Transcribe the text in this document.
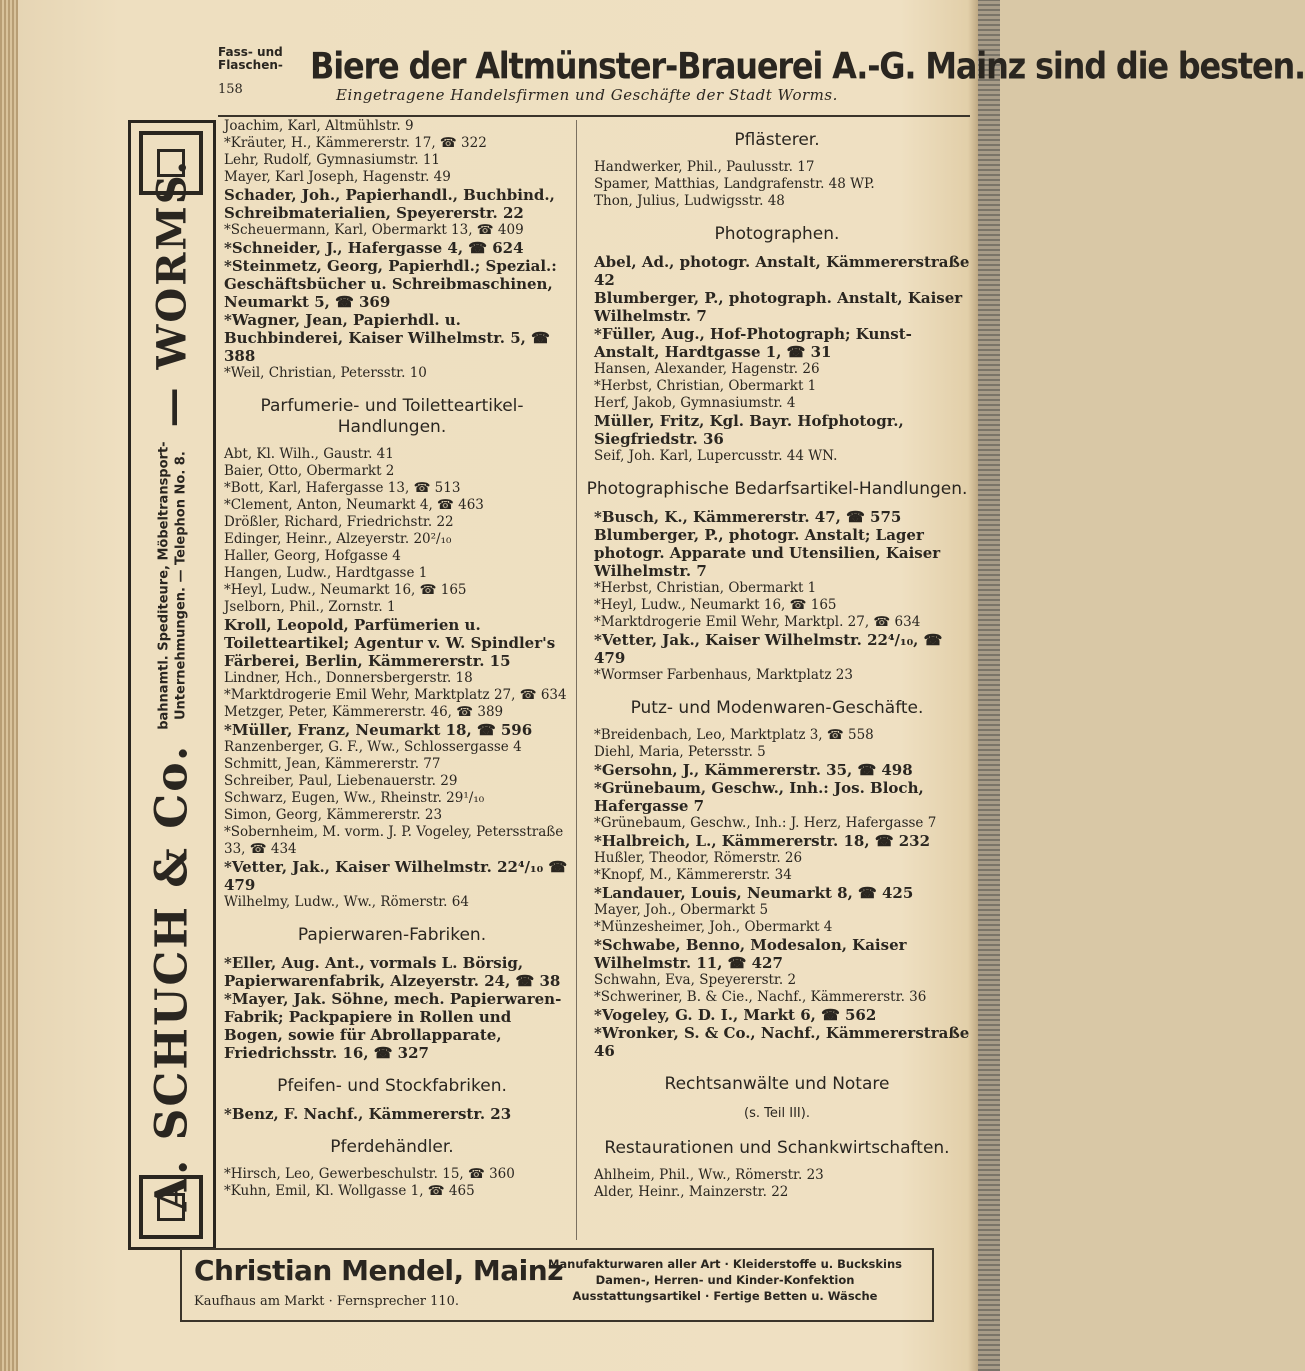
Fass- und
Flaschen- Biere der Altmünster-Brauerei A.-G. Mainz sind die besten.
158	Eingetragene Handelsfirmen und Geschäfte der Stadt Worms.
A. SCHUCH & Co.
bahnamtl. Spediteure, Möbeltransport- Unternehmungen. — Telephon No. 8.
— WORMS.
Joachim, Karl, Altmühlstr. 9
*Kräuter, H., Kämmererstr. 17, ☎ 322
Lehr, Rudolf, Gymnasiumstr. 11
Mayer, Karl Joseph, Hagenstr. 49
Schader, Joh., Papierhandl., Buchbind., Schreibmaterialien, Speyererstr. 22
*Scheuermann, Karl, Obermarkt 13, ☎ 409
*Schneider, J., Hafergasse 4, ☎ 624
*Steinmetz, Georg, Papierhdl.; Spezial.: Geschäftsbücher u. Schreibmaschinen, Neumarkt 5, ☎ 369
*Wagner, Jean, Papierhdl. u. Buchbinderei, Kaiser Wilhelmstr. 5, ☎ 388
*Weil, Christian, Petersstr. 10
Parfumerie- und Toiletteartikel-Handlungen.
Abt, Kl. Wilh., Gaustr. 41
Baier, Otto, Obermarkt 2
*Bott, Karl, Hafergasse 13, ☎ 513
*Clement, Anton, Neumarkt 4, ☎ 463
Drößler, Richard, Friedrichstr. 22
Edinger, Heinr., Alzeyerstr. 20²/₁₀
Haller, Georg, Hofgasse 4
Hangen, Ludw., Hardtgasse 1
*Heyl, Ludw., Neumarkt 16, ☎ 165
Jselborn, Phil., Zornstr. 1
Kroll, Leopold, Parfümerien u. Toiletteartikel; Agentur v. W. Spindler's Färberei, Berlin, Kämmererstr. 15
Lindner, Hch., Donnersbergerstr. 18
*Marktdrogerie Emil Wehr, Marktplatz 27, ☎ 634
Metzger, Peter, Kämmererstr. 46, ☎ 389
*Müller, Franz, Neumarkt 18, ☎ 596
Ranzenberger, G. F., Ww., Schlossergasse 4
Schmitt, Jean, Kämmererstr. 77
Schreiber, Paul, Liebenauerstr. 29
Schwarz, Eugen, Ww., Rheinstr. 29¹/₁₀
Simon, Georg, Kämmererstr. 23
*Sobernheim, M. vorm. J. P. Vogeley, Petersstraße 33, ☎ 434
*Vetter, Jak., Kaiser Wilhelmstr. 22⁴/₁₀ ☎ 479
Wilhelmy, Ludw., Ww., Römerstr. 64
Papierwaren-Fabriken.
*Eller, Aug. Ant., vormals L. Börsig, Papierwarenfabrik, Alzeyerstr. 24, ☎ 38
*Mayer, Jak. Söhne, mech. Papierwaren-Fabrik; Packpapiere in Rollen und Bogen, sowie für Abrollapparate, Friedrichsstr. 16, ☎ 327
Pfeifen- und Stockfabriken.
*Benz, F. Nachf., Kämmererstr. 23
Pferdehändler.
*Hirsch, Leo, Gewerbeschulstr. 15, ☎ 360
*Kuhn, Emil, Kl. Wollgasse 1, ☎ 465
Pflästerer.
Handwerker, Phil., Paulusstr. 17
Spamer, Matthias, Landgrafenstr. 48 WP.
Thon, Julius, Ludwigsstr. 48
Photographen.
Abel, Ad., photogr. Anstalt, Kämmererstraße 42
Blumberger, P., photograph. Anstalt, Kaiser Wilhelmstr. 7
*Füller, Aug., Hof-Photograph; Kunst-Anstalt, Hardtgasse 1, ☎ 31
Hansen, Alexander, Hagenstr. 26
*Herbst, Christian, Obermarkt 1
Herf, Jakob, Gymnasiumstr. 4
Müller, Fritz, Kgl. Bayr. Hofphotogr., Siegfriedstr. 36
Seif, Joh. Karl, Lupercusstr. 44 WN.
Photographische Bedarfsartikel-Handlungen.
*Busch, K., Kämmererstr. 47, ☎ 575
Blumberger, P., photogr. Anstalt; Lager photogr. Apparate und Utensilien, Kaiser Wilhelmstr. 7
*Herbst, Christian, Obermarkt 1
*Heyl, Ludw., Neumarkt 16, ☎ 165
*Marktdrogerie Emil Wehr, Marktpl. 27, ☎ 634
*Vetter, Jak., Kaiser Wilhelmstr. 22⁴/₁₀, ☎ 479
*Wormser Farbenhaus, Marktplatz 23
Putz- und Modenwaren-Geschäfte.
*Breidenbach, Leo, Marktplatz 3, ☎ 558
Diehl, Maria, Petersstr. 5
*Gersohn, J., Kämmererstr. 35, ☎ 498
*Grünebaum, Geschw., Inh.: Jos. Bloch, Hafergasse 7
*Grünebaum, Geschw., Inh.: J. Herz, Hafergasse 7
*Halbreich, L., Kämmererstr. 18, ☎ 232
Hußler, Theodor, Römerstr. 26
*Knopf, M., Kämmererstr. 34
*Landauer, Louis, Neumarkt 8, ☎ 425
Mayer, Joh., Obermarkt 5
*Münzesheimer, Joh., Obermarkt 4
*Schwabe, Benno, Modesalon, Kaiser Wilhelmstr. 11, ☎ 427
Schwahn, Eva, Speyererstr. 2
*Schweriner, B. & Cie., Nachf., Kämmererstr. 36
*Vogeley, G. D. I., Markt 6, ☎ 562
*Wronker, S. & Co., Nachf., Kämmererstraße 46
Rechtsanwälte und Notare
(s. Teil III).
Restaurationen und Schankwirtschaften.
Ahlheim, Phil., Ww., Römerstr. 23
Alder, Heinr., Mainzerstr. 22
Christian Mendel, Mainz
Kaufhaus am Markt · Fernsprecher 110.
Manufakturwaren aller Art · Kleiderstoffe u. Buckskins
Damen-, Herren- und Kinder-Konfektion
Ausstattungsartikel · Fertige Betten u. Wäsche
